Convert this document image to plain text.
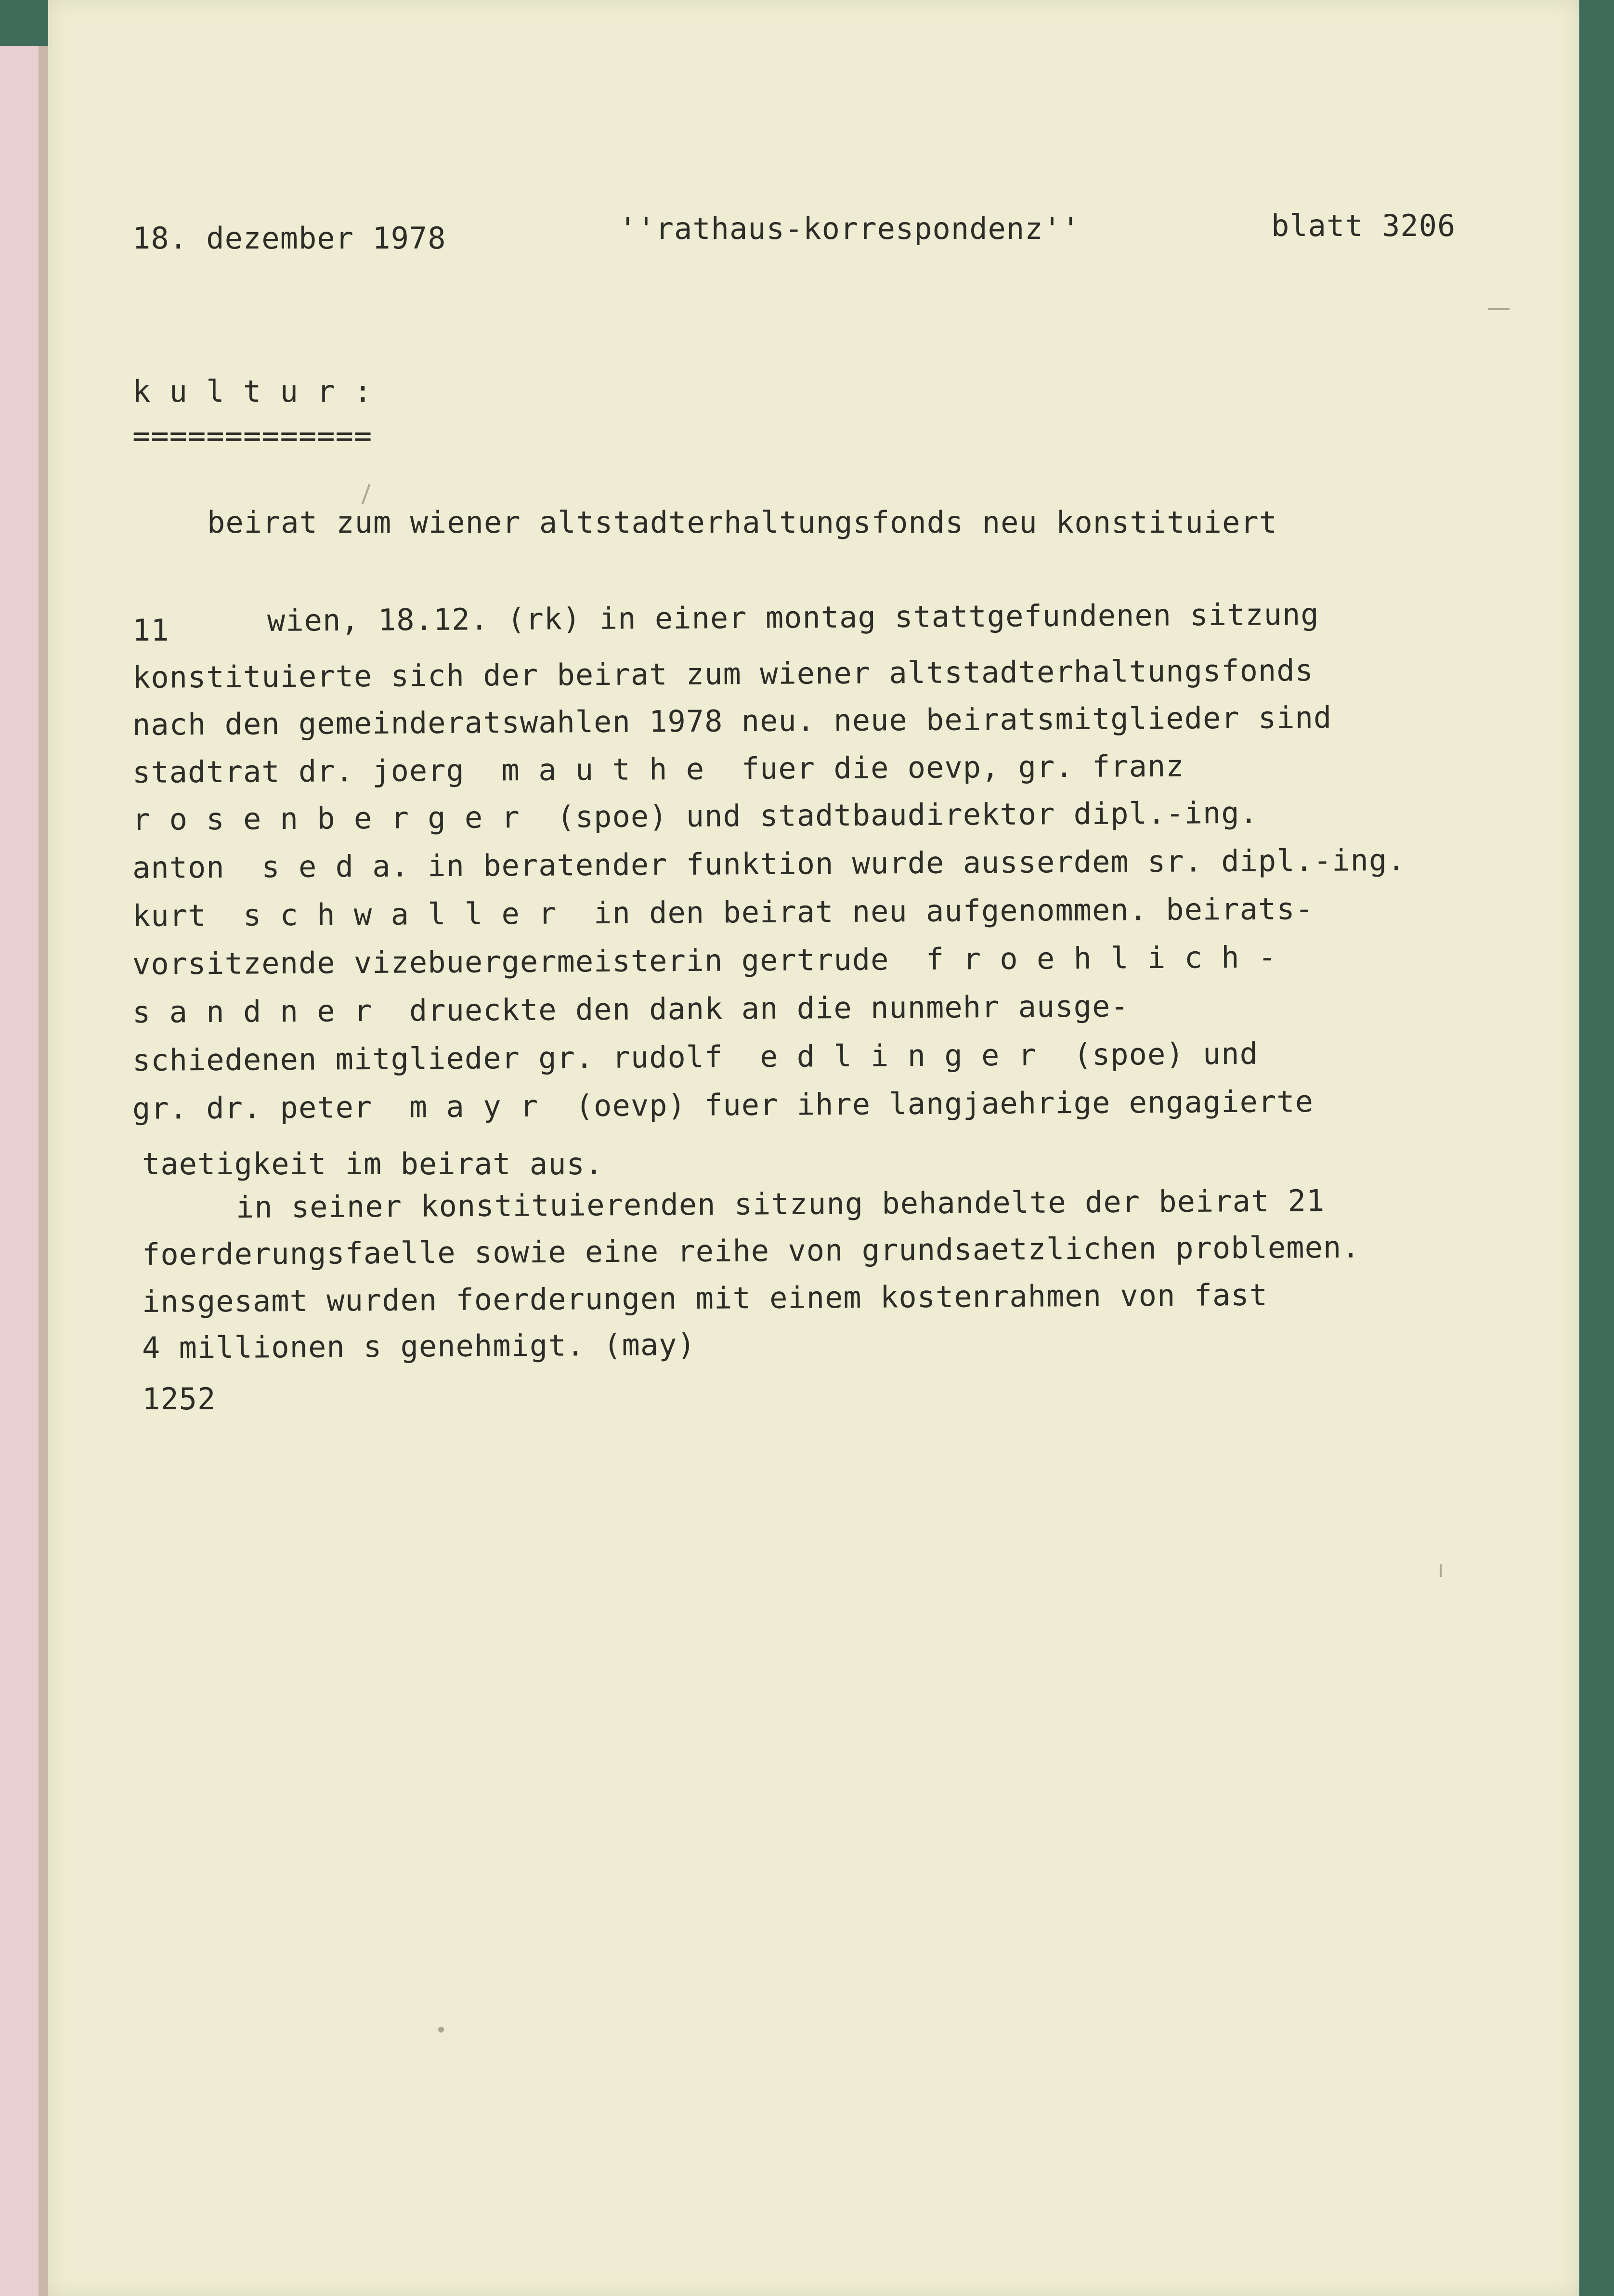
18. dezember 1978	''rathaus-korrespondenz''	blatt 3206

k u l t u r :

=============

beirat zum wiener altstadterhaltungsfonds neu konstituiert

11	wien, 18.12. (rk) in einer montag stattgefundenen sitzung

konstituierte sich der beirat zum wiener altstadterhaltungsfonds

nach den gemeinderatswahlen 1978 neu. neue beiratsmitglieder sind

stadtrat dr. joerg  m a u t h e  fuer die oevp, gr. franz

r o s e n b e r g e r  (spoe) und stadtbaudirektor dipl.-ing.

anton  s e d a. in beratender funktion wurde ausserdem sr. dipl.-ing.

kurt  s c h w a l l e r  in den beirat neu aufgenommen. beirats-

vorsitzende vizebuergermeisterin gertrude  f r o e h l i c h -

s a n d n e r  drueckte den dank an die nunmehr ausge-

schiedenen mitglieder gr. rudolf  e d l i n g e r  (spoe) und

gr. dr. peter  m a y r  (oevp) fuer ihre langjaehrige engagierte

taetigkeit im beirat aus.

in seiner konstituierenden sitzung behandelte der beirat 21

foerderungsfaelle sowie eine reihe von grundsaetzlichen problemen.

insgesamt wurden foerderungen mit einem kostenrahmen von fast

4 millionen s genehmigt. (may)

1252
